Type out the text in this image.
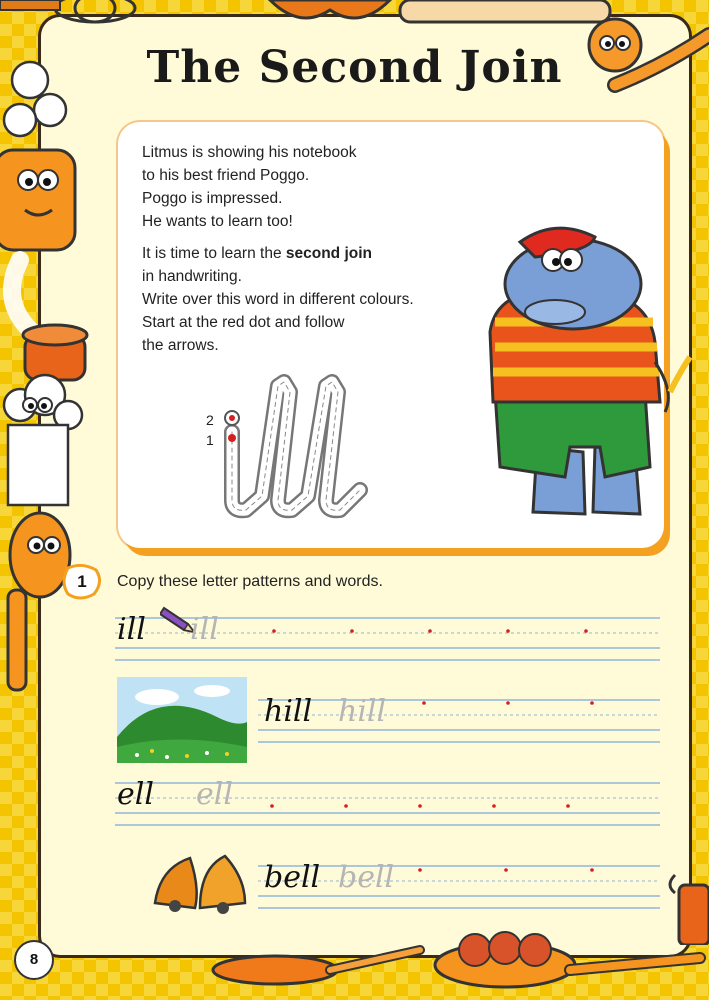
The Second Join
Litmus is showing his notebook
to his best friend Poggo.
Poggo is impressed.
He wants to learn too!
It is time to learn the second join
in handwriting.
Write over this word in different colours.
Start at the red dot and follow
the arrows.
2
1
1	Copy these letter patterns and words.
ill ill
hill hill
ell ell
bell bell
8
